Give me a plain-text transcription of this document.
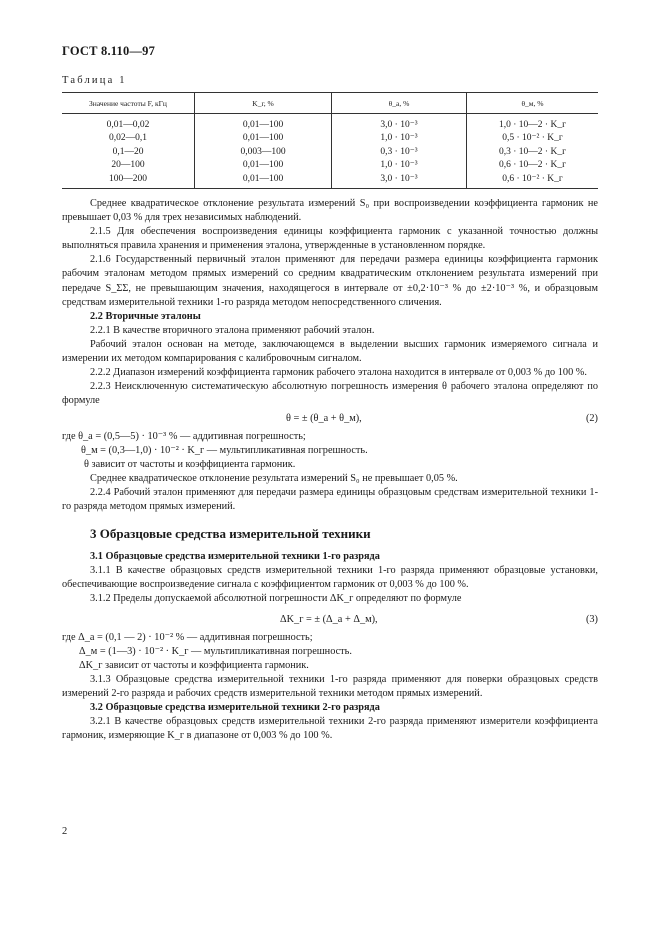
ГОСТ 8.110—97
Таблица 1
Значение частоты F, кГц	K_г, %	θ_а, %	θ_м, %
0,01—0,02	0,01—100	3,0 · 10⁻³	1,0 · 10—2 · K_г
0,02—0,1	0,01—100	1,0 · 10⁻³	0,5 · 10⁻² · K_г
0,1—20	0,003—100	0,3 · 10⁻³	0,3 · 10—2 · K_г
20—100	0,01—100	1,0 · 10⁻³	0,6 · 10—2 · K_г
100—200	0,01—100	3,0 · 10⁻³	0,6 · 10⁻² · K_г

Среднее квадратическое отклонение результата измерений S₀ при воспроизведении коэффициента гармоник не превышает 0,03 % для трех независимых наблюдений.

2.1.5 Для обеспечения воспроизведения единицы коэффициента гармоник с указанной точностью должны выполняться правила хранения и применения эталона, утвержденные в установленном порядке.

2.1.6 Государственный первичный эталон применяют для передачи размера единицы коэффициента гармоник рабочим эталонам методом прямых измерений со средним квадратическим отклонением результата измерений при передаче S_ΣΣ, не превышающим значения, находящегося в интервале от ±0,2·10⁻³ % до ±2·10⁻³ %, и образцовым средствам измерительной техники 1-го разряда методом непосредственного сличения.

2.2 Вторичные эталоны

2.2.1 В качестве вторичного эталона применяют рабочий эталон.

Рабочий эталон основан на методе, заключающемся в выделении высших гармоник измеряемого сигнала и измерении их методом компарирования с калибровочным сигналом.

2.2.2 Диапазон измерений коэффициента гармоник рабочего эталона находится в интервале от 0,003 % до 100 %.

2.2.3 Неисключенную систематическую абсолютную погрешность измерения θ рабочего эталона определяют по формуле

θ = ± (θ_а + θ_м),	(2)

где θ_а = (0,5—5) · 10⁻³ % — аддитивная погрешность;

θ_м = (0,3—1,0) · 10⁻² · K_г — мультипликативная погрешность.

θ зависит от частоты и коэффициента гармоник.

Среднее квадратическое отклонение результата измерений S₀ не превышает 0,05 %.

2.2.4 Рабочий эталон применяют для передачи размера единицы образцовым средствам измерительной техники 1-го разряда методом прямых измерений.

3 Образцовые средства измерительной техники

3.1 Образцовые средства измерительной техники 1-го разряда

3.1.1 В качестве образцовых средств измерительной техники 1-го разряда применяют образцовые установки, обеспечивающие воспроизведение сигнала с коэффициентом гармоник от 0,003 % до 100 %.

3.1.2 Пределы допускаемой абсолютной погрешности ΔK_г определяют по формуле

ΔK_г = ± (Δ_а + Δ_м),	(3)

где Δ_а = (0,1 — 2) · 10⁻² % — аддитивная погрешность;

Δ_м = (1—3) · 10⁻² · K_г — мультипликативная погрешность.

ΔK_г зависит от частоты и коэффициента гармоник.

3.1.3 Образцовые средства измерительной техники 1-го разряда применяют для поверки образцовых средств измерений 2-го разряда и рабочих средств измерительной техники методом прямых измерений.

3.2 Образцовые средства измерительной техники 2-го разряда

3.2.1 В качестве образцовых средств измерительной техники 2-го разряда применяют измерители коэффициента гармоник, измеряющие K_г в диапазоне от 0,003 % до 100 %.

2
